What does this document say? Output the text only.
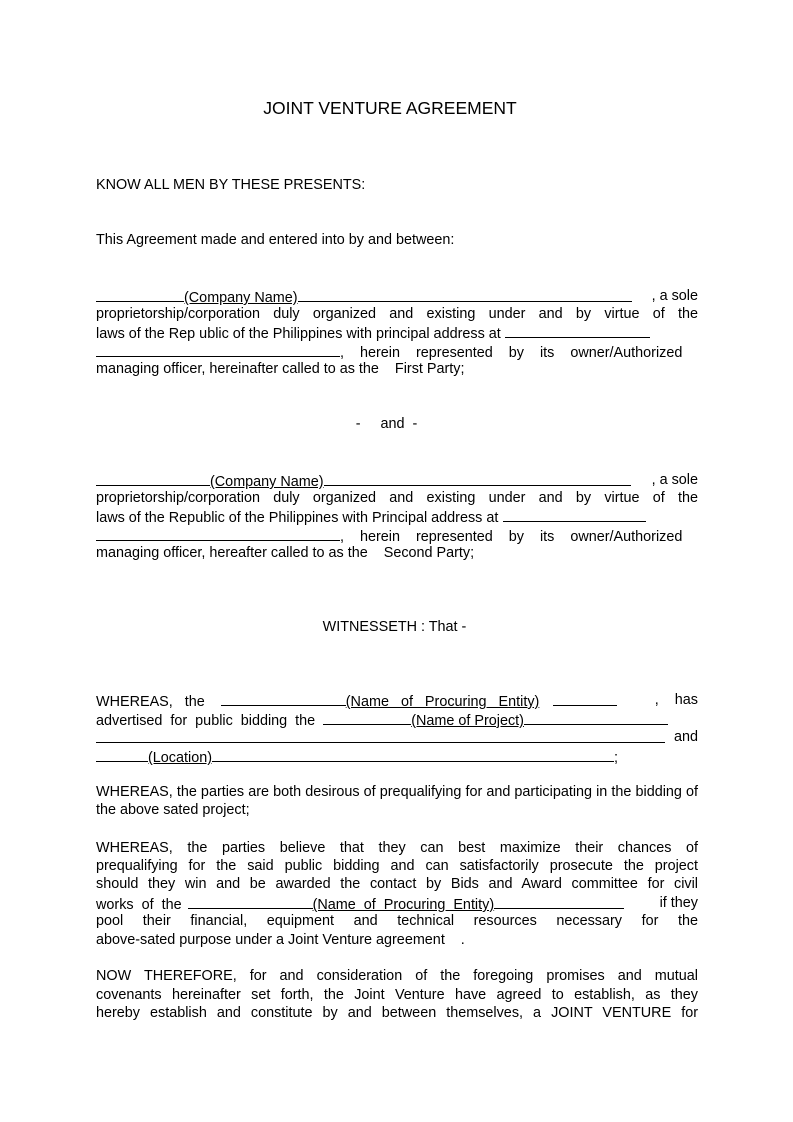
JOINT VENTURE AGREEMENT
KNOW ALL MEN BY THESE PRESENTS:
This Agreement made and entered into by and between:
(Company Name)	, a sole
proprietorship/corporation duly organized and existing under and by virtue of the
laws of the Rep ublic of the Philippines with principal address at
,    herein    represented    by    its    owner/Authorized
managing officer, hereinafter called to as the    First Party;
-     and  -
(Company Name)	, a sole
proprietorship/corporation duly organized and existing under and by virtue of the
laws of the Republic of the Philippines with Principal address at
,    herein    represented    by    its    owner/Authorized
managing officer, hereafter called to as the    Second Party;
WITNESSETH : That -
WHEREAS,   the	(Name   of   Procuring   Entity)	,    has
advertised  for  public  bidding  the	(Name of Project)
and
(Location)	;
WHEREAS, the parties are both desirous of prequalifying for and participating in the bidding of the above sated project;
WHEREAS, the parties believe that they can best maximize their chances of
prequalifying for the said public bidding and can satisfactorily prosecute the project
should they win and be awarded the contact by Bids and Award committee for civil
works  of  the	(Name  of  Procuring  Entity)	if they
pool their financial, equipment and technical resources necessary for the
above-sated purpose under a Joint Venture agreement    .
NOW THEREFORE, for and consideration of the foregoing promises and mutual
covenants hereinafter set forth, the Joint Venture have agreed to establish, as they
hereby establish and constitute by and between themselves, a JOINT VENTURE for
